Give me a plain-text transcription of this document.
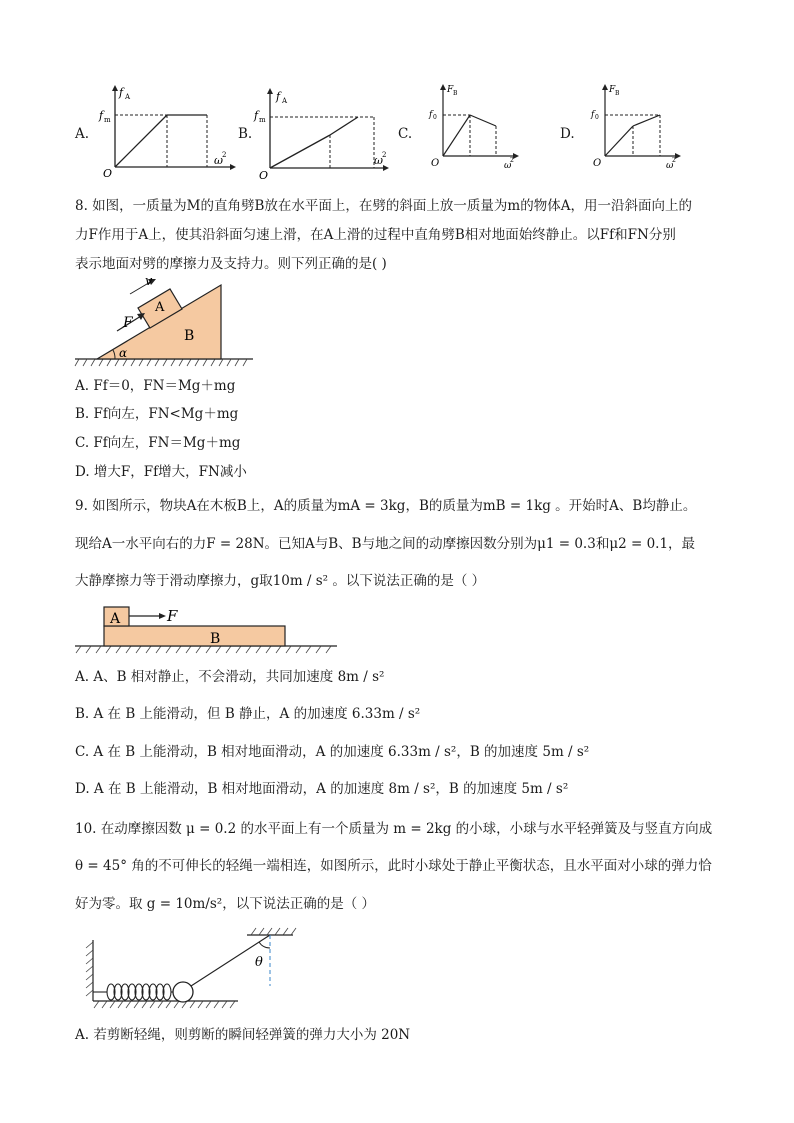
A.
f A
f m
O
ω 2
B.
f A
f m
O
ω 2
C.
F B
f 0
O	ω
2
D.
F B
f 0
O	ω
2
8. 如图，一质量为M的直角劈B放在水平面上，在劈的斜面上放一质量为m的物体A，用一沿斜面向上的
力F作用于A上，使其沿斜面匀速上滑，在A上滑的过程中直角劈B相对地面始终静止。以Ff和FN分别
表示地面对劈的摩擦力及支持力。则下列正确的是( )
α
F
v
A
B
A. Ff＝0，FN＝Mg＋mg
B. Ff向左，FN<Mg＋mg
C. Ff向左，FN＝Mg＋mg
D. 增大F，Ff增大，FN减小
9. 如图所示，物块A在木板B上，A的质量为mA = 3kg，B的质量为mB = 1kg 。开始时A、B均静止。
现给A一水平向右的力F = 28N。已知A与B、B与地之间的动摩擦因数分别为μ1 = 0.3和μ2 = 0.1，最
大静摩擦力等于滑动摩擦力，g取10m / s² 。以下说法正确的是（ ）
A	F
B
A. A、B 相对静止，不会滑动，共同加速度 8m / s²
B. A 在 B 上能滑动，但 B 静止，A 的加速度 6.33m / s²
C. A 在 B 上能滑动，B 相对地面滑动，A 的加速度 6.33m / s²，B 的加速度 5m / s²
D. A 在 B 上能滑动，B 相对地面滑动，A 的加速度 8m / s²，B 的加速度 5m / s²
10. 在动摩擦因数 μ = 0.2 的水平面上有一个质量为 m = 2kg 的小球，小球与水平轻弹簧及与竖直方向成
θ = 45° 角的不可伸长的轻绳一端相连，如图所示，此时小球处于静止平衡状态，且水平面对小球的弹力恰
好为零。取 g = 10m/s²，以下说法正确的是（ ）
θ
A. 若剪断轻绳，则剪断的瞬间轻弹簧的弹力大小为 20N
